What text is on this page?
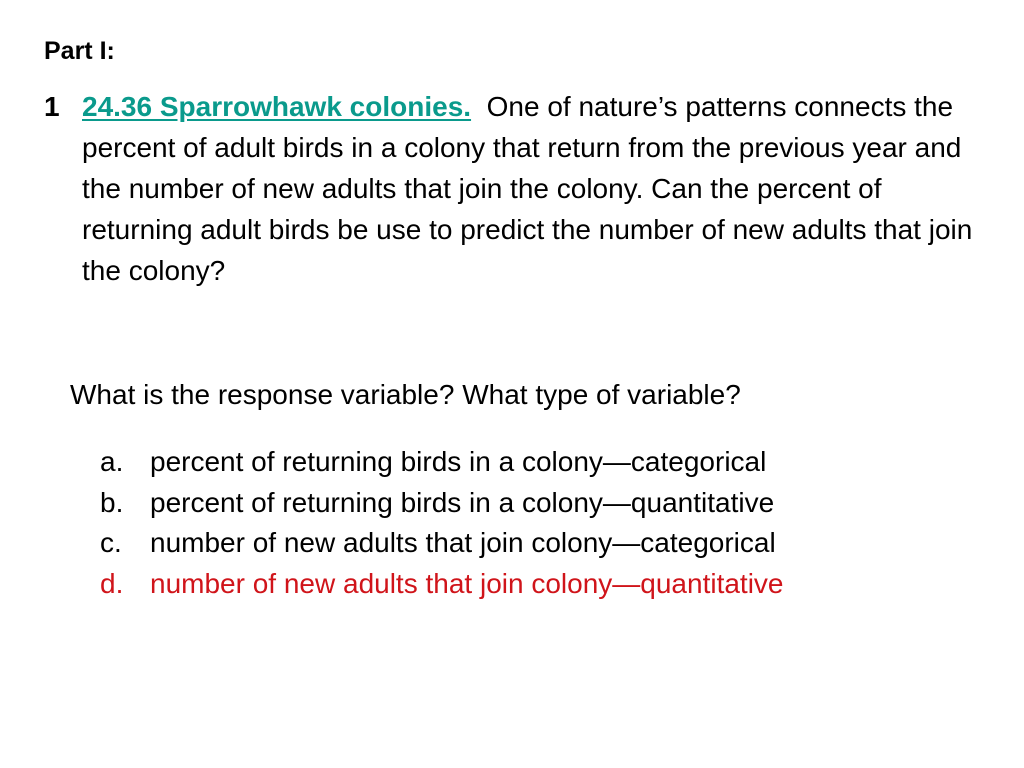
Part I:
1 24.36 Sparrowhawk colonies. One of nature’s patterns connects the percent of adult birds in a colony that return from the previous year and the number of new adults that join the colony. Can the percent of returning adult birds be use to predict the number of new adults that join the colony?
What is the response variable? What type of variable?
a. percent of returning birds in a colony—categorical
b. percent of returning birds in a colony—quantitative
c.	number of new adults that join colony—categorical
d. number of new adults that join colony—quantitative
